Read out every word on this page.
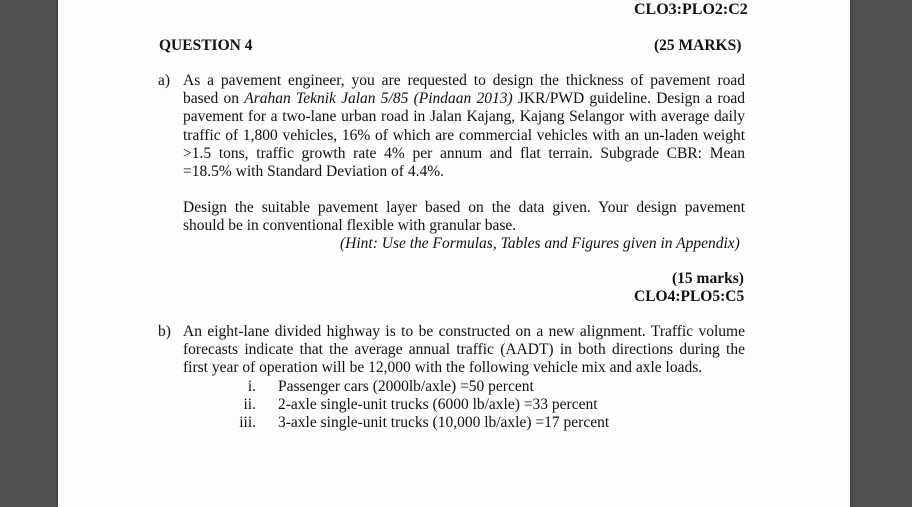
CLO3:PLO2:C2
QUESTION 4	(25 MARKS)
a) As a pavement engineer, you are requested to design the thickness of pavement road
based on Arahan Teknik Jalan 5/85 (Pindaan 2013) JKR/PWD guideline. Design a road
pavement for a two-lane urban road in Jalan Kajang, Kajang Selangor with average daily
traffic of 1,800 vehicles, 16% of which are commercial vehicles with an un-laden weight
>1.5 tons, traffic growth rate 4% per annum and flat terrain. Subgrade CBR: Mean
=18.5% with Standard Deviation of 4.4%.
Design the suitable pavement layer based on the data given. Your design pavement
should be in conventional flexible with granular base.
(Hint: Use the Formulas, Tables and Figures given in Appendix)
(15 marks)
CLO4:PLO5:C5
b) An eight-lane divided highway is to be constructed on a new alignment. Traffic volume
forecasts indicate that the average annual traffic (AADT) in both directions during the
first year of operation will be 12,000 with the following vehicle mix and axle loads.
i. Passenger cars (2000lb/axle) =50 percent
ii. 2-axle single-unit trucks (6000 lb/axle) =33 percent
iii. 3-axle single-unit trucks (10,000 lb/axle) =17 percent
